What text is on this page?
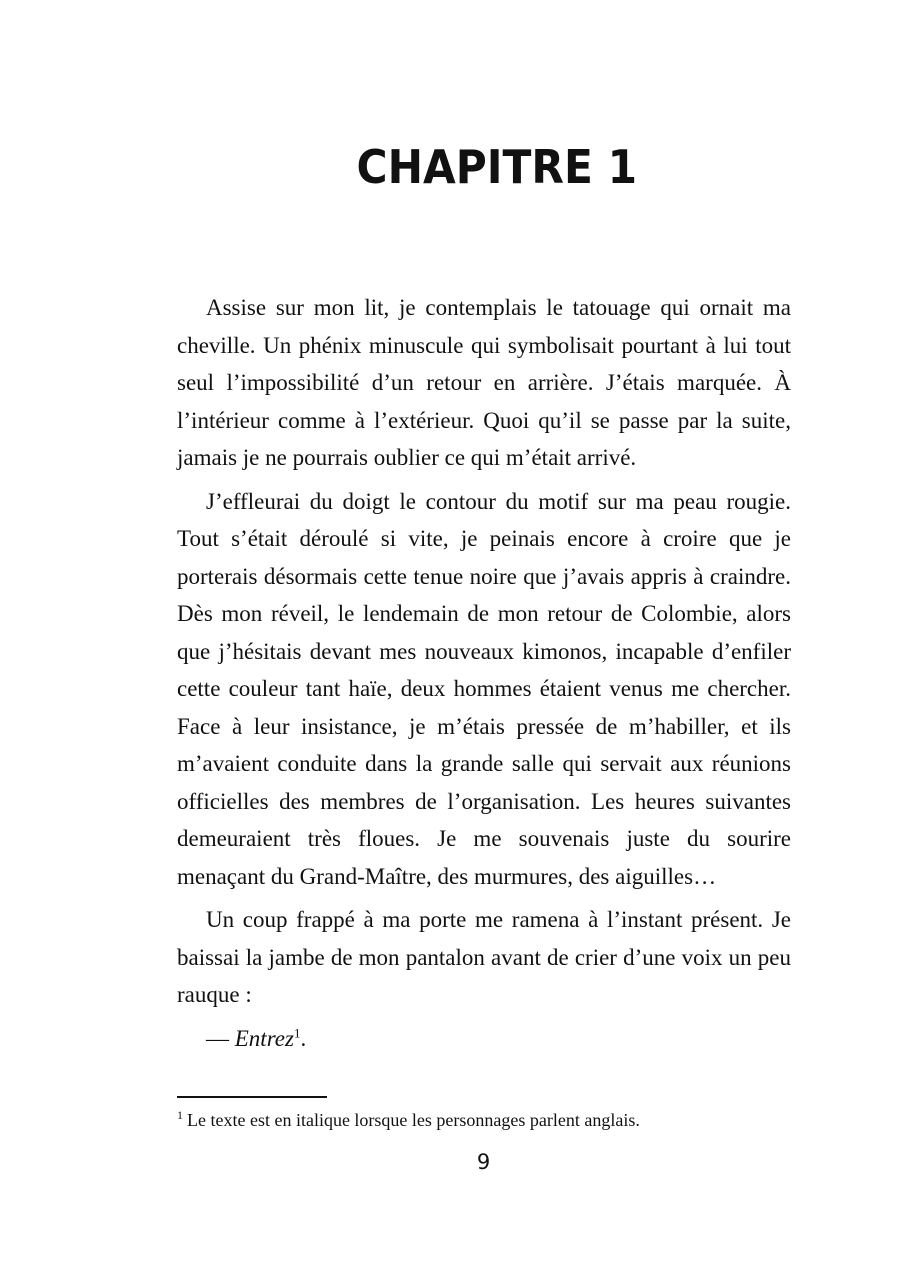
CHAPITRE 1

Assise sur mon lit, je contemplais le tatouage qui ornait ma cheville. Un phénix minuscule qui symbolisait pourtant à lui tout seul l’impossibilité d’un retour en arrière. J’étais marquée. À l’intérieur comme à l’extérieur. Quoi qu’il se passe par la suite, jamais je ne pourrais oublier ce qui m’était arrivé.

J’effleurai du doigt le contour du motif sur ma peau rougie. Tout s’était déroulé si vite, je peinais encore à croire que je porterais désormais cette tenue noire que j’avais appris à craindre. Dès mon réveil, le lendemain de mon retour de Colombie, alors que j’hésitais devant mes nouveaux kimonos, incapable d’enfiler cette couleur tant haïe, deux hommes étaient venus me chercher. Face à leur insistance, je m’étais pressée de m’habiller, et ils m’avaient conduite dans la grande salle qui servait aux réunions officielles des membres de l’organisation. Les heures suivantes demeuraient très floues. Je me souvenais juste du sourire menaçant du Grand-Maître, des murmures, des aiguilles…

Un coup frappé à ma porte me ramena à l’instant présent. Je baissai la jambe de mon pantalon avant de crier d’une voix un peu rauque :

— Entrez$^1$.
$^1$ Le texte est en italique lorsque les personnages parlent anglais.
9
